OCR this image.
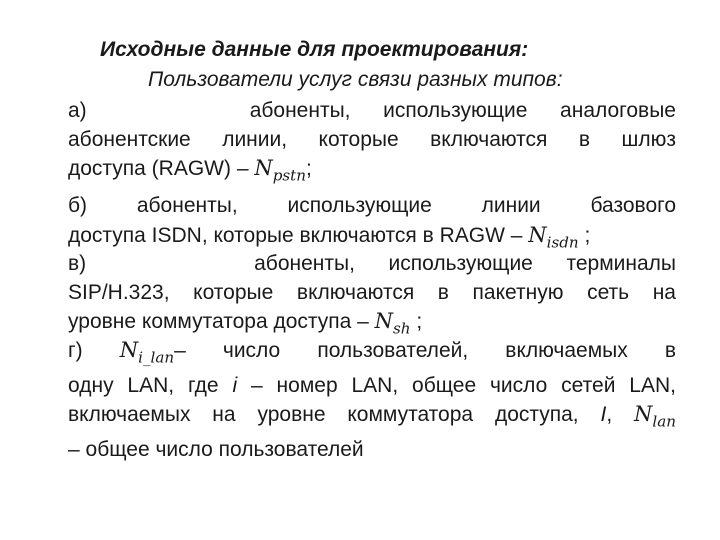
Исходные данные для проектирования:
Пользователи услуг связи разных типов:
а)	абоненты, использующие аналоговые
абонентские линии, которые включаются в шлюз
доступа (RAGW) – $N_{pstn}$;
б) абоненты, использующие линии базового
доступа ISDN, которые включаются в RAGW – $N_{isdn}$ ;
в)	абоненты, использующие терминалы
SIP/H.323, которые включаются в пакетную сеть на
уровне коммутатора доступа – $N_{sh}$ ;
г) $N_{i\_lan}-$ число пользователей, включаемых в
одну LAN, где i – номер LAN, общее число сетей LAN,
включаемых на уровне коммутатора доступа, I, $N_{lan}$
– общее число пользователей
